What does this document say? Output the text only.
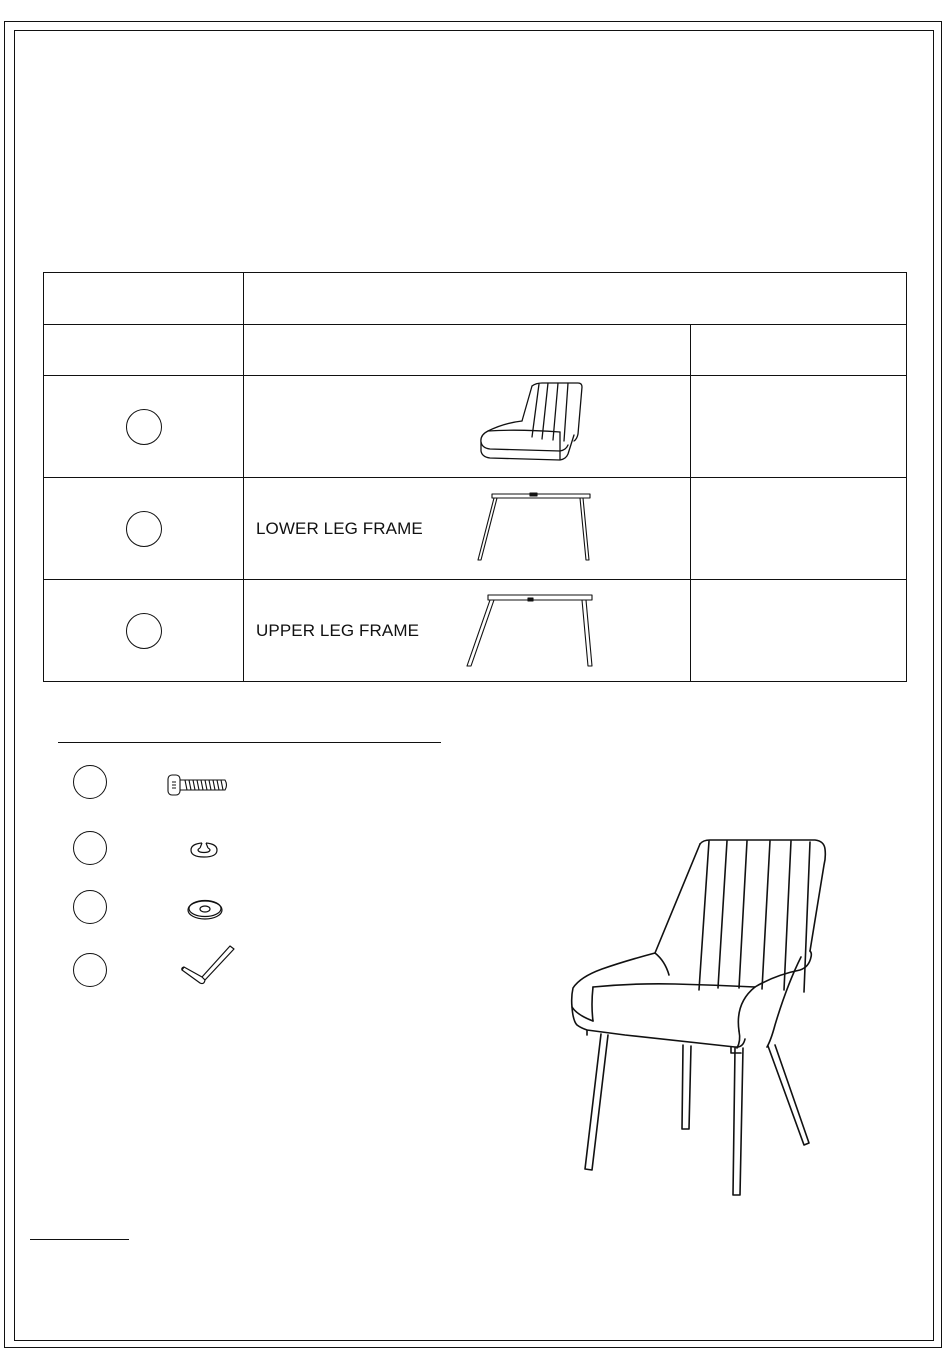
	LOWER LEG FRAME	

	UPPER LEG FRAME	
